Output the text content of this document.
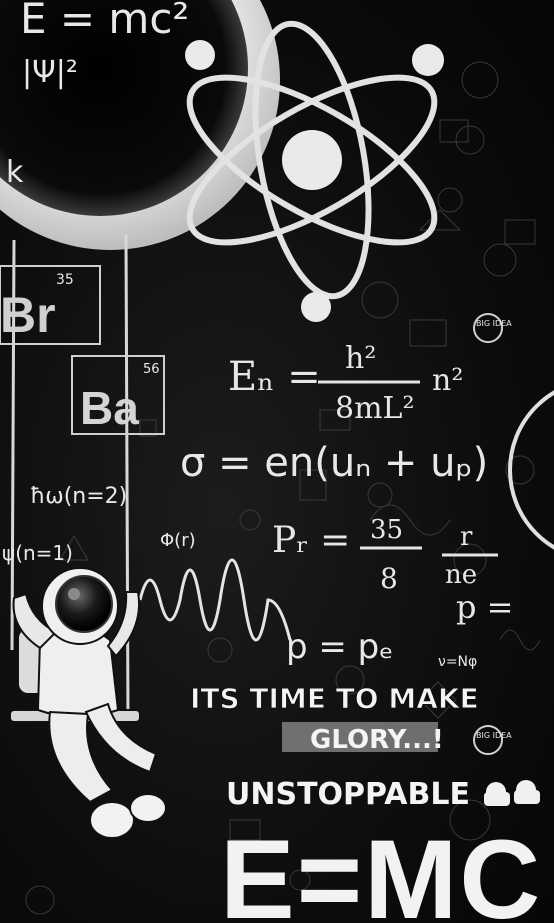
E = mc²
|Ψ|²
k
Eₙ = h²
8mL²
n²
σ = en(uₙ + uₚ)
Pᵣ = 35
8
r
ne
p =
p = pₑ
ħω(n=2)
ψ(n=1)
Φ(r)
ν=Nφ
35
Br
56
Ba
BIG IDEA
BIG IDEA
ITS TIME TO MAKE
GLORY...!
UNSTOPPABLE
E=MC
